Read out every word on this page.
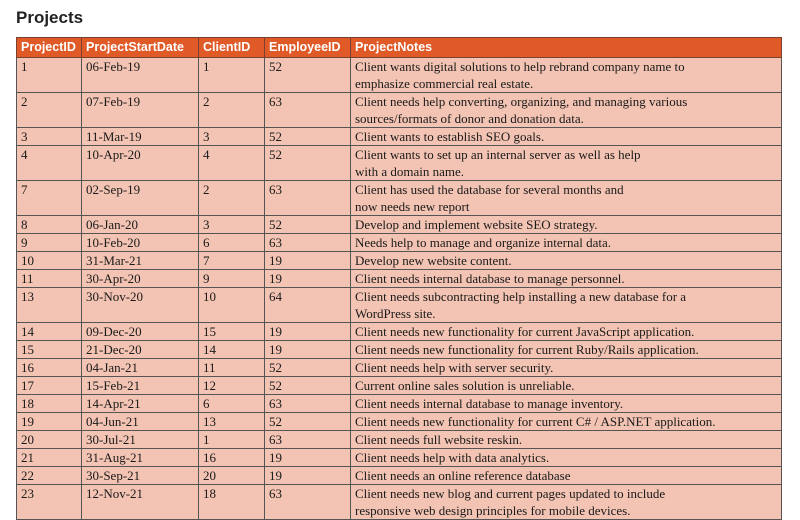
Projects
ProjectID	ProjectStartDate	ClientID	EmployeeID	ProjectNotes
1	06-Feb-19	1	52	Client wants digital solutions to help rebrand company name to
emphasize commercial real estate.
2	07-Feb-19	2	63	Client needs help converting, organizing, and managing various
sources/formats of donor and donation data.
3	11-Mar-19	3	52	Client wants to establish SEO goals.
4	10-Apr-20	4	52	Client wants to set up an internal server as well as help
with a domain name.
7	02-Sep-19	2	63	Client has used the database for several months and
now needs new report
8	06-Jan-20	3	52	Develop and implement website SEO strategy.
9	10-Feb-20	6	63	Needs help to manage and organize internal data.
10	31-Mar-21	7	19	Develop new website content.
11	30-Apr-20	9	19	Client needs internal database to manage personnel.
13	30-Nov-20	10	64	Client needs subcontracting help installing a new database for a
WordPress site.
14	09-Dec-20	15	19	Client needs new functionality for current JavaScript application.
15	21-Dec-20	14	19	Client needs new functionality for current Ruby/Rails application.
16	04-Jan-21	11	52	Client needs help with server security.
17	15-Feb-21	12	52	Current online sales solution is unreliable.
18	14-Apr-21	6	63	Client needs internal database to manage inventory.
19	04-Jun-21	13	52	Client needs new functionality for current C# / ASP.NET application.
20	30-Jul-21	1	63	Client needs full website reskin.
21	31-Aug-21	16	19	Client needs help with data analytics.
22	30-Sep-21	20	19	Client needs an online reference database
23	12-Nov-21	18	63	Client needs new blog and current pages updated to include
responsive web design principles for mobile devices.
